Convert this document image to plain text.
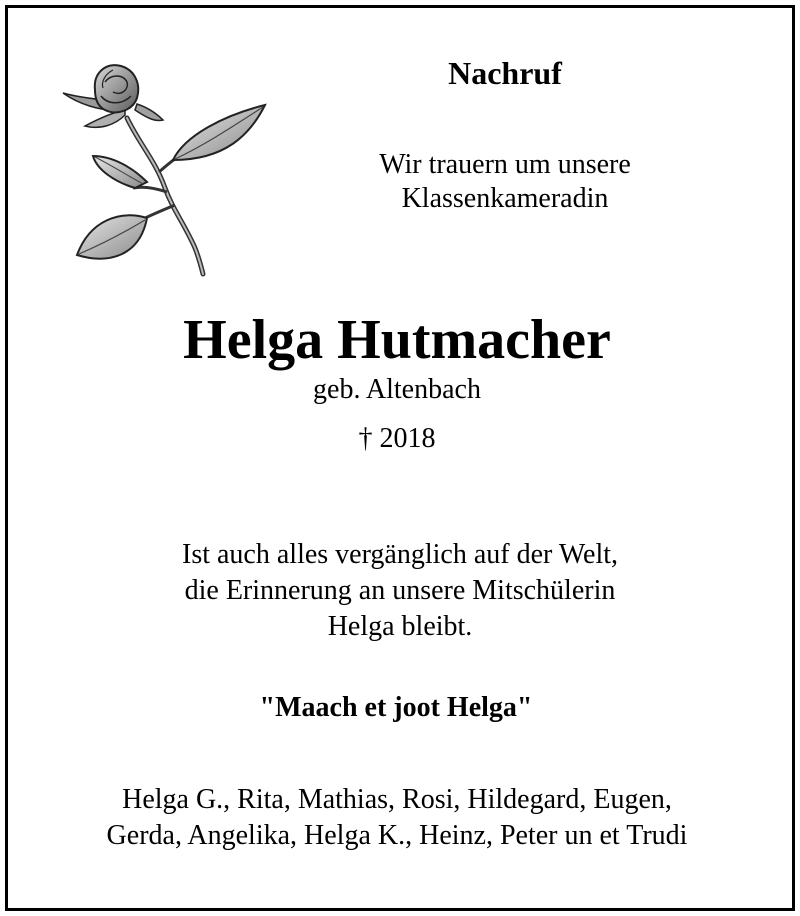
Nachruf

Wir trauern um unsere
Klassenkameradin

Helga Hutmacher
geb. Altenbach
† 2018
Ist auch alles vergänglich auf der Welt,
die Erinnerung an unsere Mitschülerin
Helga bleibt.
"Maach et joot Helga"
Helga G., Rita, Mathias, Rosi, Hildegard, Eugen,
Gerda, Angelika, Helga K., Heinz, Peter un et Trudi
